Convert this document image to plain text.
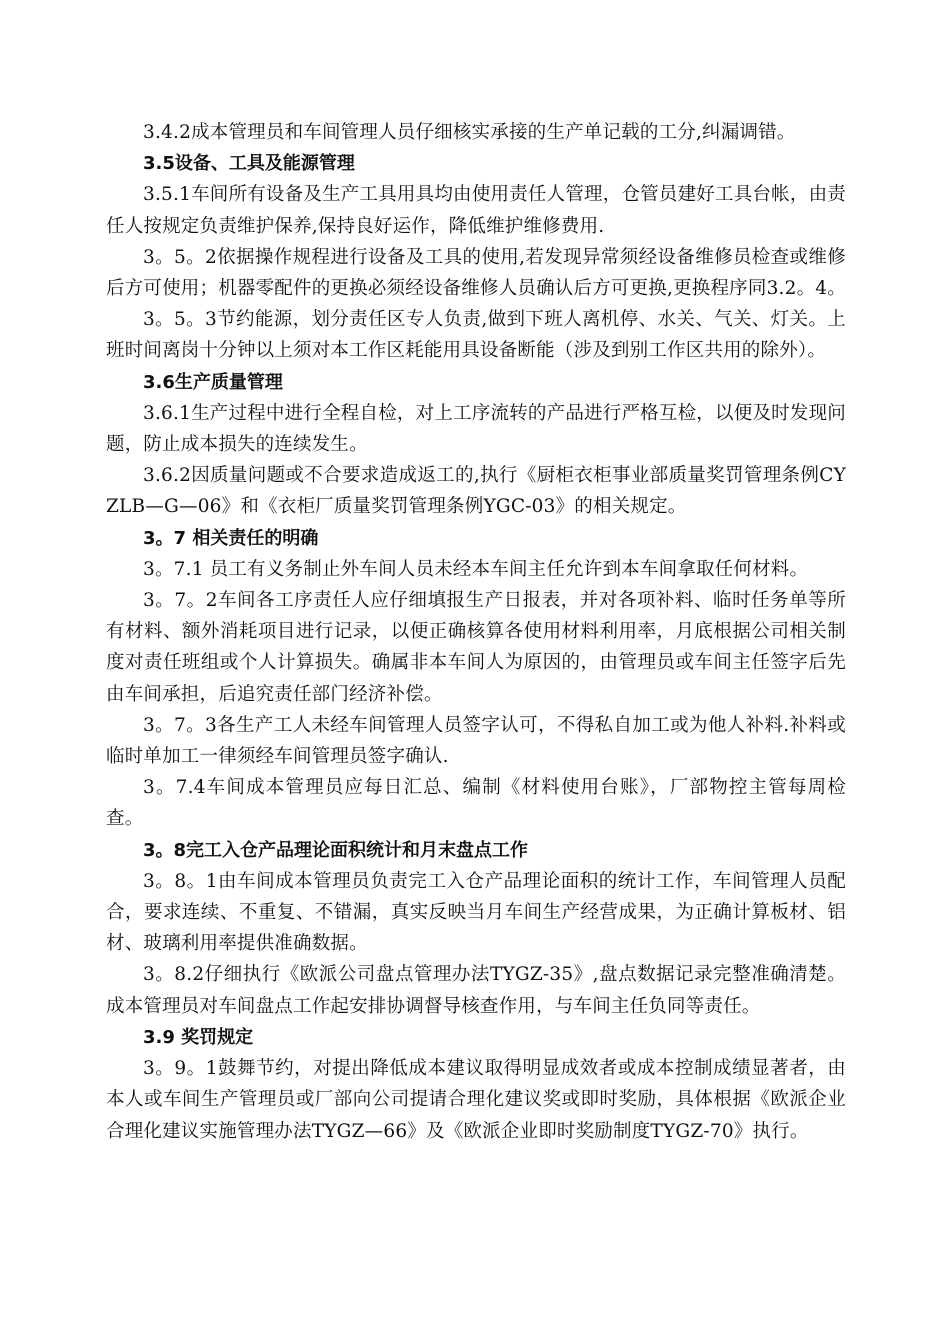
3.4.2成本管理员和车间管理人员仔细核实承接的生产单记载的工分,纠漏调错。

3.5设备、工具及能源管理

3.5.1车间所有设备及生产工具用具均由使用责任人管理，仓管员建好工具台帐，由责任人按规定负责维护保养,保持良好运作，降低维护维修费用.

3。5。2依据操作规程进行设备及工具的使用,若发现异常须经设备维修员检查或维修后方可使用；机器零配件的更换必须经设备维修人员确认后方可更换,更换程序同3.2。4。

3。5。3节约能源，划分责任区专人负责,做到下班人离机停、水关、气关、灯关。上班时间离岗十分钟以上须对本工作区耗能用具设备断能（涉及到别工作区共用的除外）。

3.6生产质量管理

3.6.1生产过程中进行全程自检，对上工序流转的产品进行严格互检，以便及时发现问题，防止成本损失的连续发生。

3.6.2因质量问题或不合要求造成返工的,执行《厨柜衣柜事业部质量奖罚管理条例CYZLB—G—06》和《衣柜厂质量奖罚管理条例YGC-03》的相关规定。

3。7 相关责任的明确

3。7.1 员工有义务制止外车间人员未经本车间主任允许到本车间拿取任何材料。

3。7。2车间各工序责任人应仔细填报生产日报表，并对各项补料、临时任务单等所有材料、额外消耗项目进行记录，以便正确核算各使用材料利用率，月底根据公司相关制度对责任班组或个人计算损失。确属非本车间人为原因的，由管理员或车间主任签字后先由车间承担，后追究责任部门经济补偿。

3。7。3各生产工人未经车间管理人员签字认可，不得私自加工或为他人补料.补料或临时单加工一律须经车间管理员签字确认.

3。7.4车间成本管理员应每日汇总、编制《材料使用台账》，厂部物控主管每周检查。

3。8完工入仓产品理论面积统计和月末盘点工作

3。8。1由车间成本管理员负责完工入仓产品理论面积的统计工作，车间管理人员配合，要求连续、不重复、不错漏，真实反映当月车间生产经营成果，为正确计算板材、铝材、玻璃利用率提供准确数据。

3。8.2仔细执行《欧派公司盘点管理办法TYGZ-35》,盘点数据记录完整准确清楚。成本管理员对车间盘点工作起安排协调督导核查作用，与车间主任负同等责任。

3.9 奖罚规定

3。9。1鼓舞节约，对提出降低成本建议取得明显成效者或成本控制成绩显著者，由本人或车间生产管理员或厂部向公司提请合理化建议奖或即时奖励，具体根据《欧派企业合理化建议实施管理办法TYGZ—66》及《欧派企业即时奖励制度TYGZ-70》执行。
